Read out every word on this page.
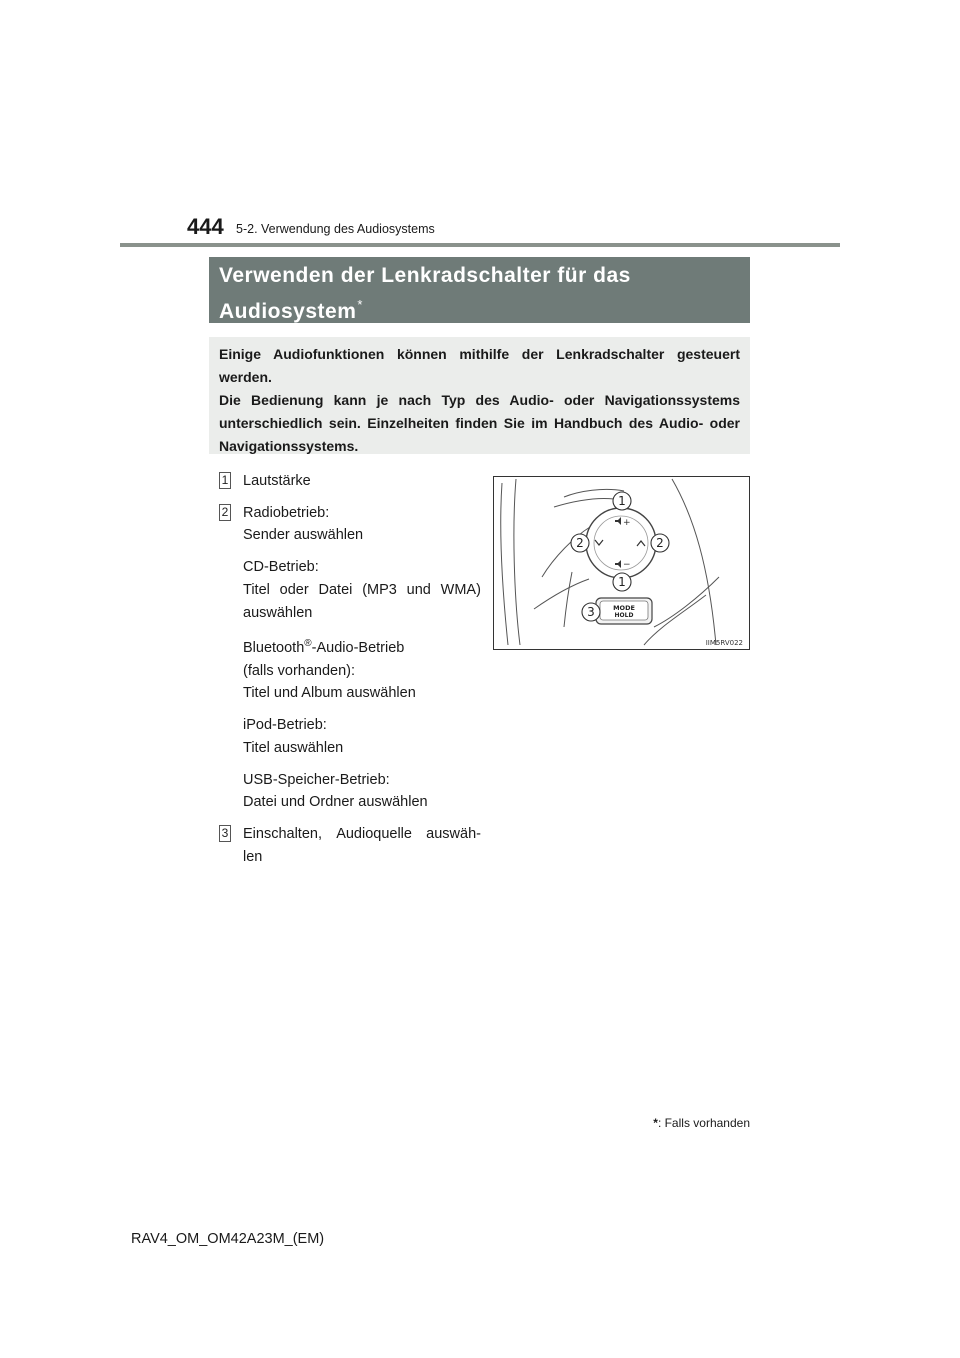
444 5-2. Verwendung des Audiosystems
Verwenden der Lenkradschalter für das Audiosystem*

Einige Audiofunktionen können mithilfe der Lenkradschalter gesteuert werden.

Die Bedienung kann je nach Typ des Audio- oder Navigationssystems unterschiedlich sein. Einzelheiten finden Sie im Handbuch des Audio- oder Navigationssystems.

1 Lautstärke

2 Radiobetrieb:
Sender auswählen

CD-Betrieb:

Titel oder Datei (MP3 und WMA)
auswählen

Bluetooth®-Audio-Betrieb
(falls vorhanden):
Titel und Album auswählen

iPod-Betrieb:
Titel auswählen

USB-Speicher-Betrieb:
Datei und Ordner auswählen

3 Einschalten, Audioquelle auswäh-
len

+
−
MODE
HOLD
1
2	2
1
3
IIM5RV022
*: Falls vorhanden
RAV4_OM_OM42A23M_(EM)
